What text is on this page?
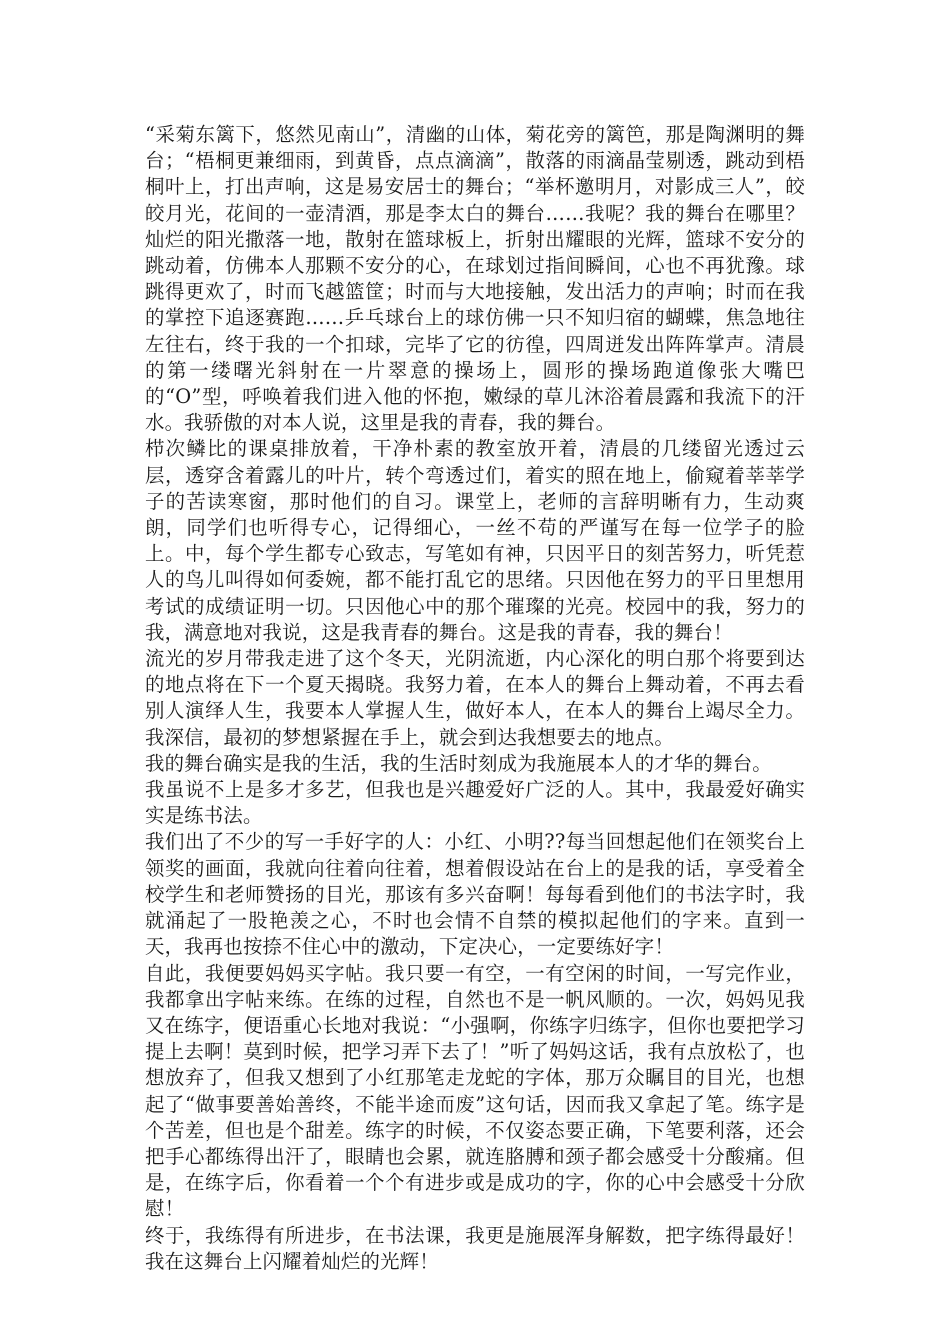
“采菊东篱下，悠然见南山”，清幽的山体，菊花旁的篱笆，那是陶渊明的舞台；“梧桐更兼细雨，到黄昏，点点滴滴”，散落的雨滴晶莹剔透，跳动到梧桐叶上，打出声响，这是易安居士的舞台；“举杯邀明月，对影成三人”，皎皎月光，花间的一壶清酒，那是李太白的舞台……我呢？我的舞台在哪里？灿烂的阳光撒落一地，散射在篮球板上，折射出耀眼的光辉，篮球不安分的跳动着，仿佛本人那颗不安分的心，在球划过指间瞬间，心也不再犹豫。球跳得更欢了，时而飞越篮筐；时而与大地接触，发出活力的声响；时而在我的掌控下追逐赛跑……乒乓球台上的球仿佛一只不知归宿的蝴蝶，焦急地往左往右，终于我的一个扣球，完毕了它的彷徨，四周迸发出阵阵掌声。清晨的第一缕曙光斜射在一片翠意的操场上，圆形的操场跑道像张大嘴巴的“O”型，呼唤着我们进入他的怀抱，嫩绿的草儿沐浴着晨露和我流下的汗水。我骄傲的对本人说，这里是我的青春，我的舞台。

栉次鳞比的课桌排放着，干净朴素的教室放开着，清晨的几缕留光透过云层，透穿含着露儿的叶片，转个弯透过们，着实的照在地上，偷窥着莘莘学子的苦读寒窗，那时他们的自习。课堂上，老师的言辞明晰有力，生动爽朗，同学们也听得专心，记得细心，一丝不苟的严谨写在每一位学子的脸上。中，每个学生都专心致志，写笔如有神，只因平日的刻苦努力，听凭惹人的鸟儿叫得如何委婉，都不能打乱它的思绪。只因他在努力的平日里想用考试的成绩证明一切。只因他心中的那个璀璨的光亮。校园中的我，努力的我，满意地对我说，这是我青春的舞台。这是我的青春，我的舞台！

流光的岁月带我走进了这个冬天，光阴流逝，内心深化的明白那个将要到达的地点将在下一个夏天揭晓。我努力着，在本人的舞台上舞动着，不再去看别人演绎人生，我要本人掌握人生，做好本人，在本人的舞台上竭尽全力。我深信，最初的梦想紧握在手上，就会到达我想要去的地点。

我的舞台确实是我的生活，我的生活时刻成为我施展本人的才华的舞台。

我虽说不上是多才多艺，但我也是兴趣爱好广泛的人。其中，我最爱好确实实是练书法。

我们出了不少的写一手好字的人：小红、小明??每当回想起他们在领奖台上领奖的画面，我就向往着向往着，想着假设站在台上的是我的话，享受着全校学生和老师赞扬的目光，那该有多兴奋啊！每每看到他们的书法字时，我就涌起了一股艳羡之心，不时也会情不自禁的模拟起他们的字来。直到一天，我再也按捺不住心中的激动，下定决心，一定要练好字！

自此，我便要妈妈买字帖。我只要一有空，一有空闲的时间，一写完作业，我都拿出字帖来练。在练的过程，自然也不是一帆风顺的。一次，妈妈见我又在练字，便语重心长地对我说：“小强啊，你练字归练字，但你也要把学习提上去啊！莫到时候，把学习弄下去了！”听了妈妈这话，我有点放松了，也想放弃了，但我又想到了小红那笔走龙蛇的字体，那万众瞩目的目光，也想起了“做事要善始善终，不能半途而废”这句话，因而我又拿起了笔。练字是个苦差，但也是个甜差。练字的时候，不仅姿态要正确，下笔要利落，还会把手心都练得出汗了，眼睛也会累，就连胳膊和颈子都会感受十分酸痛。但是，在练字后，你看着一个个有进步或是成功的字，你的心中会感受十分欣慰！

终于，我练得有所进步，在书法课，我更是施展浑身解数，把字练得最好！我在这舞台上闪耀着灿烂的光辉！
